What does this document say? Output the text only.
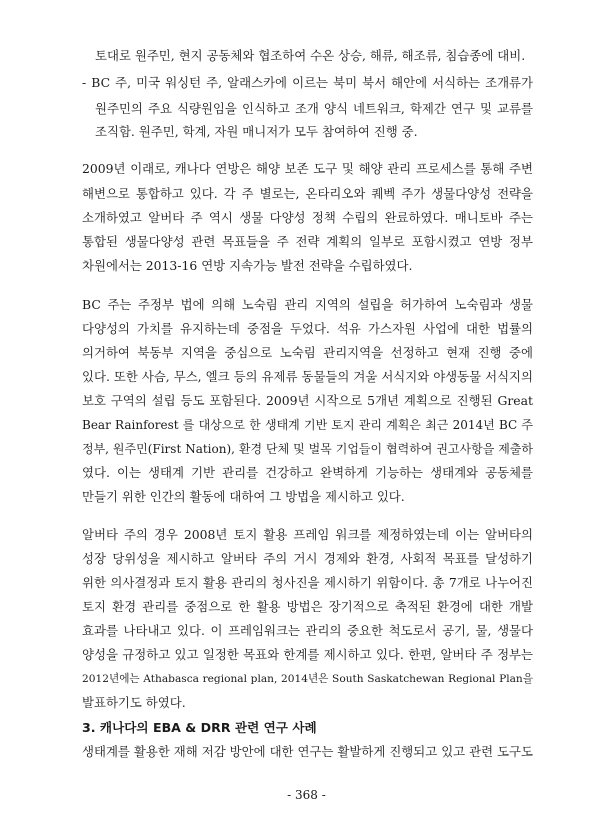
토대로 원주민, 현지 공동체와 협조하여 수온 상승, 해류, 해조류, 침습종에 대비.

- BC 주, 미국 워싱턴 주, 알래스카에 이르는 북미 북서 해안에 서식하는 조개류가

원주민의 주요 식량원임을 인식하고 조개 양식 네트워크, 학제간 연구 및 교류를

조직함. 원주민, 학계, 자원 매니저가 모두 참여하여 진행 중.

2009년 이래로, 캐나다 연방은 해양 보존 도구 및 해양 관리 프로세스를 통해 주변

해변으로 통합하고 있다. 각 주 별로는, 온타리오와 퀘벡 주가 생물다양성 전략을

소개하였고 알버타 주 역시 생물 다양성 정책 수립의 완료하였다. 매니토바 주는

통합된 생물다양성 관련 목표들을 주 전략 계획의 일부로 포함시켰고 연방 정부

차원에서는 2013-16 연방 지속가능 발전 전략을 수립하였다.

BC 주는 주정부 법에 의해 노숙림 관리 지역의 설립을 허가하여 노숙림과 생물

다양성의 가치를 유지하는데 중점을 두었다. 석유 가스자원 사업에 대한 법률의

의거하여 북동부 지역을 중심으로 노숙림 관리지역을 선정하고 현재 진행 중에

있다. 또한 사슴, 무스, 엘크 등의 유제류 동물들의 겨울 서식지와 야생동물 서식지의

보호 구역의 설립 등도 포함된다. 2009년 시작으로 5개년 계획으로 진행된 Great

Bear Rainforest 를 대상으로 한 생태계 기반 토지 관리 계획은 최근 2014년 BC 주

정부, 원주민(First Nation), 환경 단체 및 벌목 기업들이 협력하여 권고사항을 제출하

였다. 이는 생태계 기반 관리를 건강하고 완벽하게 기능하는 생태계와 공동체를

만들기 위한 인간의 활동에 대하여 그 방법을 제시하고 있다.

알버타 주의 경우 2008년 토지 활용 프레임 워크를 제정하였는데 이는 알버타의

성장 당위성을 제시하고 알버타 주의 거시 경제와 환경, 사회적 목표를 달성하기

위한 의사결정과 토지 활용 관리의 청사진을 제시하기 위함이다. 총 7개로 나누어진

토지 환경 관리를 중점으로 한 활용 방법은 장기적으로 축적된 환경에 대한 개발

효과를 나타내고 있다. 이 프레임워크는 관리의 중요한 척도로서 공기, 물, 생물다

양성을 규정하고 있고 일정한 목표와 한계를 제시하고 있다. 한편, 알버타 주 정부는

2012년에는 Athabasca regional plan, 2014년은 South Saskatchewan Regional Plan을

발표하기도 하였다.

3. 캐나다의 EBA & DRR 관련 연구 사례

생태계를 활용한 재해 저감 방안에 대한 연구는 활발하게 진행되고 있고 관련 도구도

- 368 -
